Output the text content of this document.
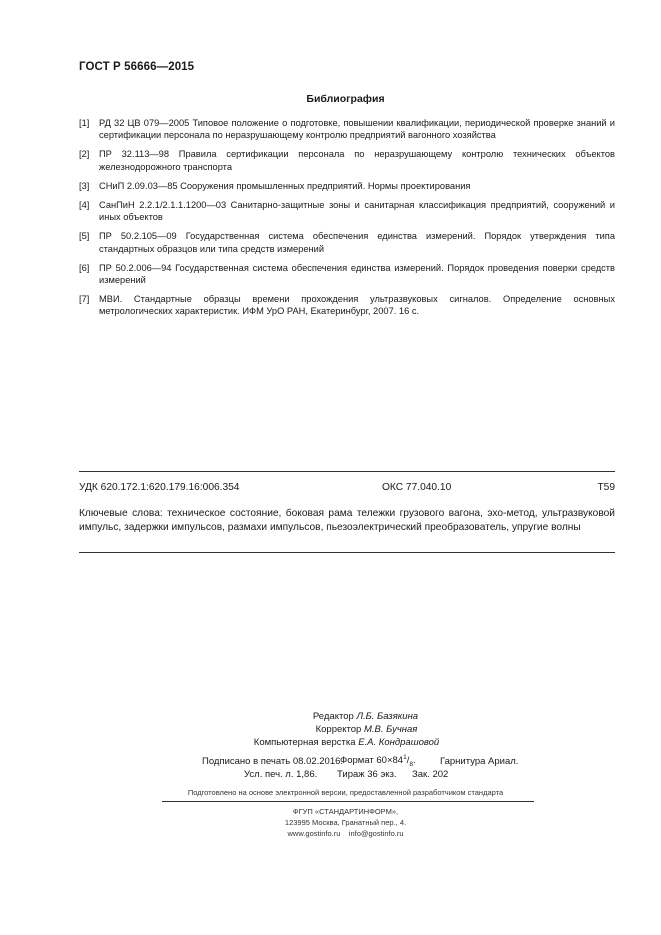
ГОСТ Р 56666—2015
Библиография
[1] РД 32 ЦВ 079—2005 Типовое положение о подготовке, повышении квалификации, периодической проверке знаний и сертификации персонала по неразрушающему контролю предприятий вагонного хозяйства
[2] ПР 32.113—98 Правила сертификации персонала по неразрушающему контролю технических объектов железнодорожного транспорта
[3] СНиП 2.09.03—85 Сооружения промышленных предприятий. Нормы проектирования
[4] СанПиН 2.2.1/2.1.1.1200—03 Санитарно-защитные зоны и санитарная классификация предприятий, сооружений и иных объектов
[5] ПР 50.2.105—09 Государственная система обеспечения единства измерений. Порядок утверждения типа стандартных образцов или типа средств измерений
[6] ПР 50.2.006—94 Государственная система обеспечения единства измерений. Порядок проведения поверки средств измерений
[7] МВИ. Стандартные образцы времени прохождения ультразвуковых сигналов. Определение основных метрологических характеристик. ИФМ УрО РАН, Екатеринбург, 2007. 16 с.
УДК 620.172.1:620.179.16:006.354	ОКС 77.040.10	Т59
Ключевые слова: техническое состояние, боковая рама тележки грузового вагона, эхо-метод, ультразвуковой импульс, задержки импульсов, размахи импульсов, пьезоэлектрический преобразователь, упругие волны
Редактор Л.Б. Базякина
Корректор М.В. Бучная
Компьютерная верстка Е.А. Кондрашовой
Подписано в печать 08.02.2016.
Формат $60\times 84^1/_8$.	Гарнитура Ариал.
Усл. печ. л. 1,86. Тираж 36 экз. Зак. 202
Подготовлено на основе электронной версии, предоставленной разработчиком стандарта
ФГУП «СТАНДАРТИНФОРМ»,
123995 Москва, Гранатный пер., 4.
www.gostinfo.ru info@gostinfo.ru
